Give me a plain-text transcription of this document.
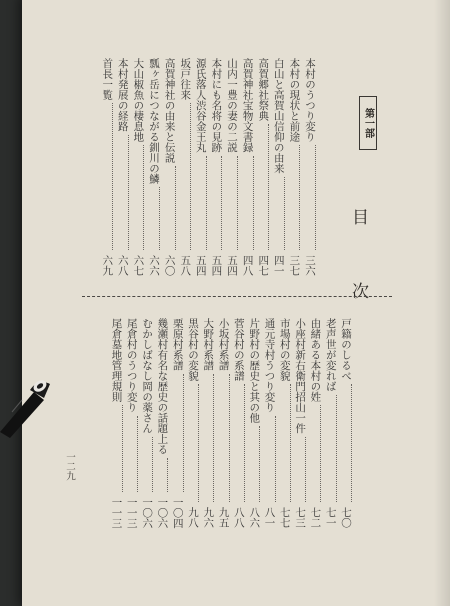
目
次
第一部
本村のうつり変り
三六
本村の現状と前途
三七
白山と高賀山信仰の由来
四一
高賀郷社祭典
四七
高賀神社宝物文書録
四八
山内一豊の妻の二説
五四
本村にも名将の見跡
五四
源氏落人渋谷金王丸
五四
坂戸往来
五八
高賀神社の由来と伝説
六〇
瓢ヶ岳につながる釧川の鱗
六六
大山椒魚の棲息地
六七
本村発展の経路
六八
首長一覧
六九
戸籍のしるべ
七〇
老声世が変れば
七一
由緒ある本村の姓
七二
小座村新右衛門招山一件
七三
市場村の変貌
七七
通元寺村うつり変り
八一
片野村の歴史と其の他
八六
菅谷村の系譜
八八
小坂村系譜
九五
大野村系譜
九六
黒谷村の変貌
九八
栗原村系譜
一〇四
幾瀬村有名な歴史の話題上る
一〇六
むかしばなし岡の薬さん
一〇六
尾倉村のうつり変り
一一三
尾倉墓地管理規則
一一三
一二九
